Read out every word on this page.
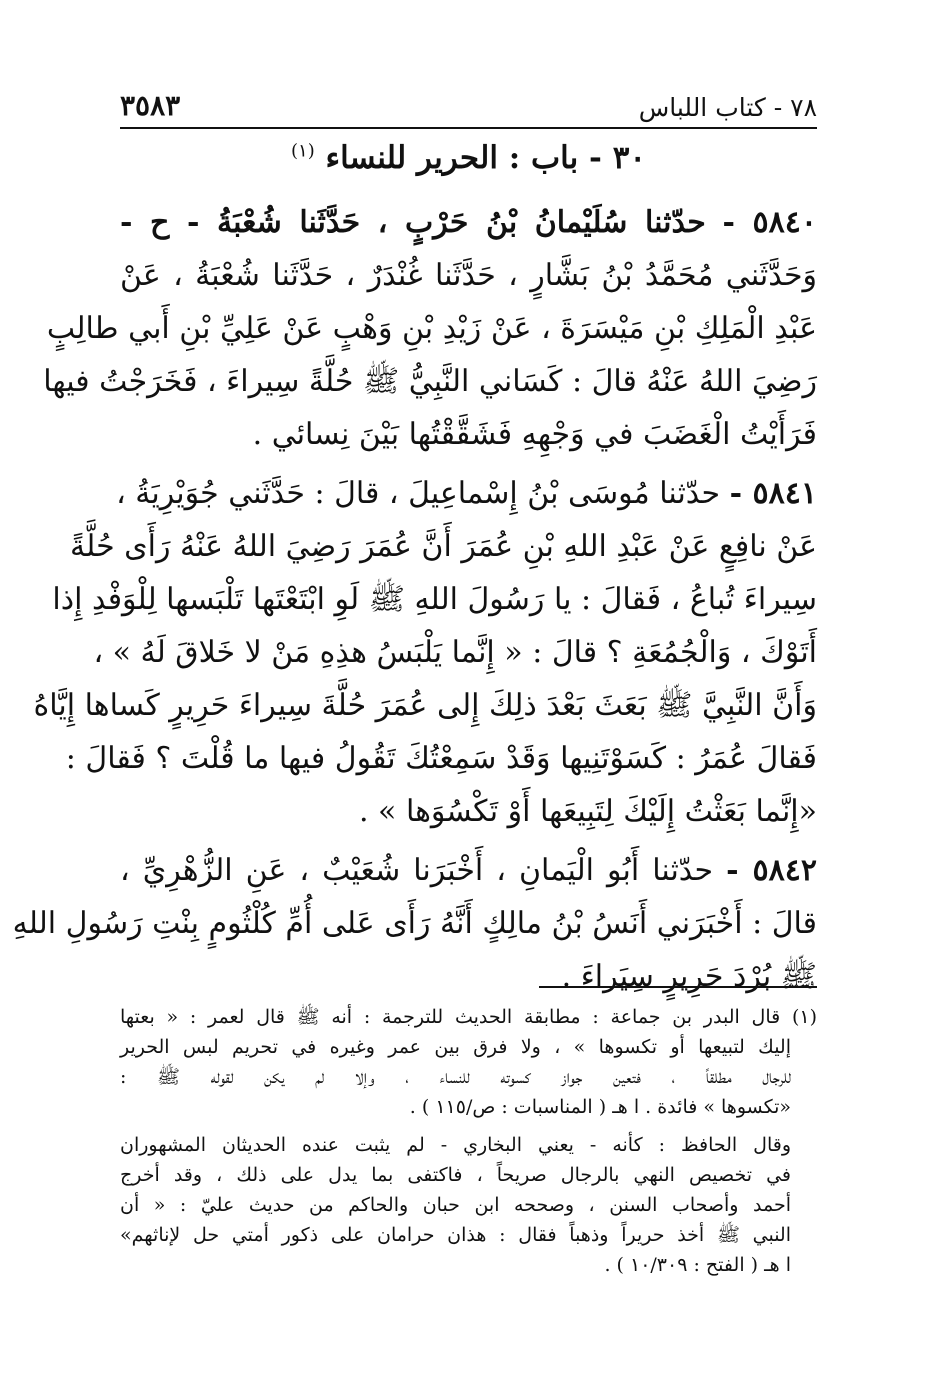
٧٨ - كتاب اللباس
٣٥٨٣
٣٠ - باب : الحرير للنساء $^{(١)}$
٥٨٤٠ - حدّثنا سُلَيْمانُ بْنُ حَرْبٍ ، حَدَّثَنا شُعْبَةُ - ح -
وَحَدَّثَني مُحَمَّدُ بْنُ بَشَّارٍ ، حَدَّثَنا غُنْدَرٌ ، حَدَّثَنا شُعْبَةُ ، عَنْ
عَبْدِ الْمَلِكِ بْنِ مَيْسَرَةَ ، عَنْ زَيْدِ بْنِ وَهْبٍ عَنْ عَلِيِّ بْنِ أَبي طالِبٍ
رَضِيَ اللهُ عَنْهُ قالَ : كَسَاني النَّبِيُّ ﷺ حُلَّةً سِيراءَ ، فَخَرَجْتُ فيها
فَرَأَيْتُ الْغَضَبَ في وَجْهِهِ فَشَقَّقْتُها بَيْنَ نِسائي .
٥٨٤١ - حدّثنا مُوسَى بْنُ إِسْماعِيلَ ، قالَ : حَدَّثَني جُوَيْرِيَةُ ،
عَنْ نافِعٍ عَنْ عَبْدِ اللهِ بْنِ عُمَرَ أَنَّ عُمَرَ رَضِيَ اللهُ عَنْهُ رَأَى حُلَّةً
سِيراءَ تُباعُ ، فَقالَ : يا رَسُولَ اللهِ ﷺ لَوِ ابْتَعْتَها تَلْبَسها لِلْوَفْدِ إِذا
أَتَوْكَ ، وَالْجُمُعَةِ ؟ قالَ : « إِنَّما يَلْبَسُ هذِهِ مَنْ لا خَلاقَ لَهُ » ،
وَأَنَّ النَّبِيَّ ﷺ بَعَثَ بَعْدَ ذلِكَ إِلى عُمَرَ حُلَّةَ سِيراءَ حَرِيرٍ كَساها إِيَّاهُ
فَقالَ عُمَرُ : كَسَوْتَنِيها وَقَدْ سَمِعْتُكَ تَقُولُ فيها ما قُلْتَ ؟ فَقالَ :
«إِنَّما بَعَثْتُ إِلَيْكَ لِتَبِيعَها أَوْ تَكْسُوَها » .
٥٨٤٢ - حدّثنا أَبُو الْيَمانِ ، أَخْبَرَنا شُعَيْبٌ ، عَنِ الزُّهْرِيِّ ،
قالَ : أَخْبَرَني أَنَسُ بْنُ مالِكٍ أَنَّهُ رَأَى عَلى أُمِّ كُلْثُومٍ بِنْتِ رَسُولِ اللهِ
ﷺ بُرْدَ حَرِيرٍ سِيَراءَ .
(١) قال البدر بن جماعة : مطابقة الحديث للترجمة : أنه ﷺ قال لعمر : « بعتها
إليك لتبيعها أو تكسوها » ، ولا فرق بين عمر وغيره في تحريم لبس الحرير
للرجال مطلقاً ، فتعين جواز كسوته للنساء ، وإلا لم يكن لقوله ﷺ :
«تكسوها » فائدة . ا هـ ( المناسبات : ص/١١٥ ) .
وقال الحافظ : كأنه - يعني البخاري - لم يثبت عنده الحديثان المشهوران
في تخصيص النهي بالرجال صريحاً ، فاكتفى بما يدل على ذلك ، وقد أخرج
أحمد وأصحاب السنن ، وصححه ابن حبان والحاكم من حديث عليّ : « أن
النبي ﷺ أخذ حريراً وذهباً فقال : هذان حرامان على ذكور أمتي حل لإناثهم»
ا هـ ( الفتح : ١٠/٣٠٩ ) .
